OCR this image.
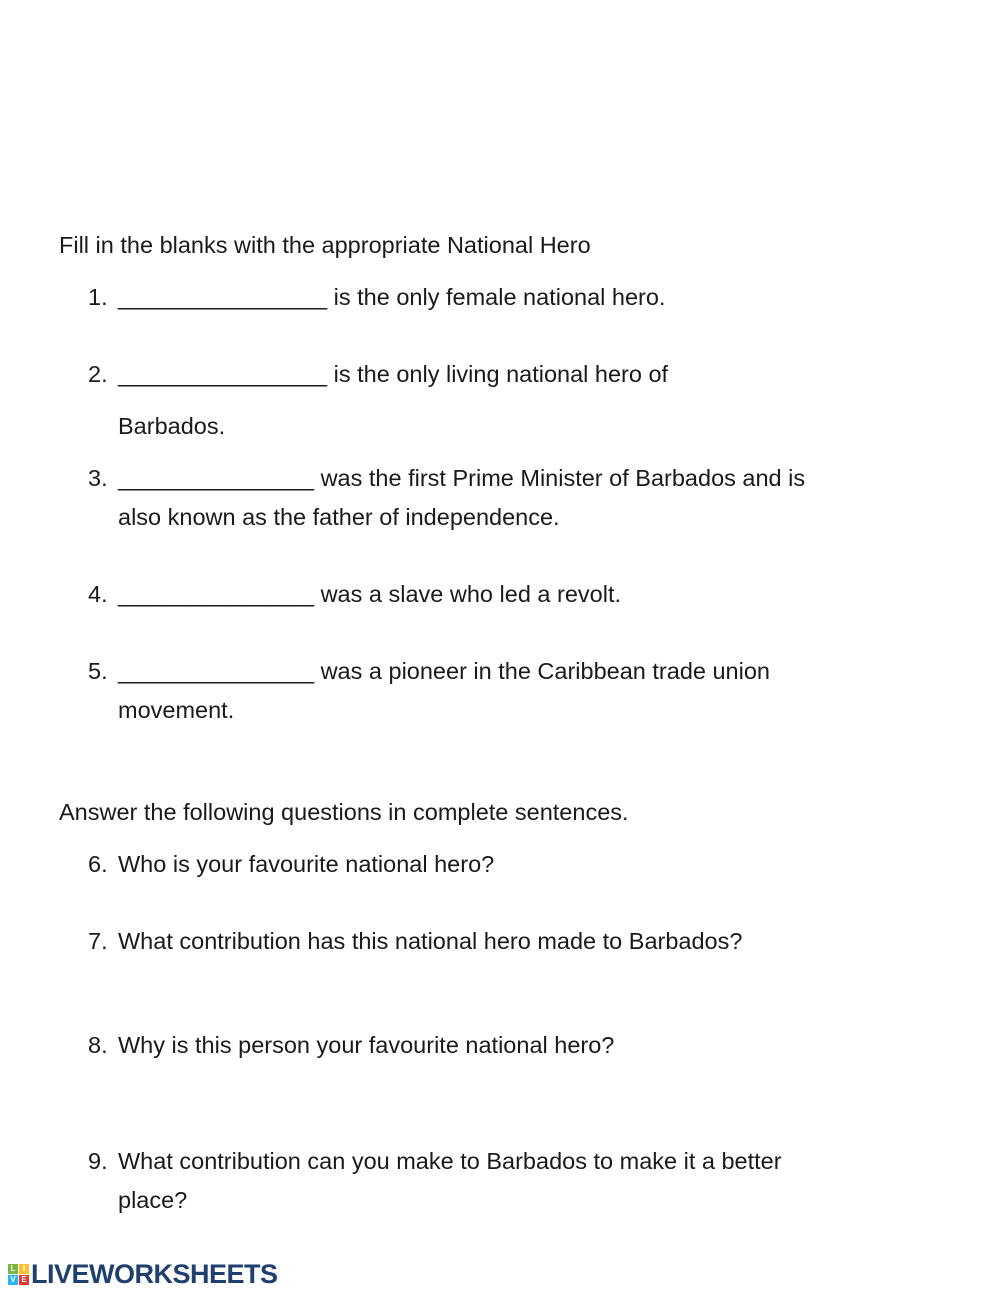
Fill in the blanks with the appropriate National Hero
1. ________________ is the only female national hero.
2. ________________ is the only living national hero of
Barbados.
3. _______________ was the first Prime Minister of Barbados and is
also known as the father of independence.
4. _______________ was a slave who led a revolt.
5. _______________ was a pioneer in the Caribbean trade union
movement.
Answer the following questions in complete sentences.
6. Who is your favourite national hero?
7. What contribution has this national hero made to Barbados?
8. Why is this person your favourite national hero?
9. What contribution can you make to Barbados to make it a better
place?
L I
V E LIVEWORKSHEETS
